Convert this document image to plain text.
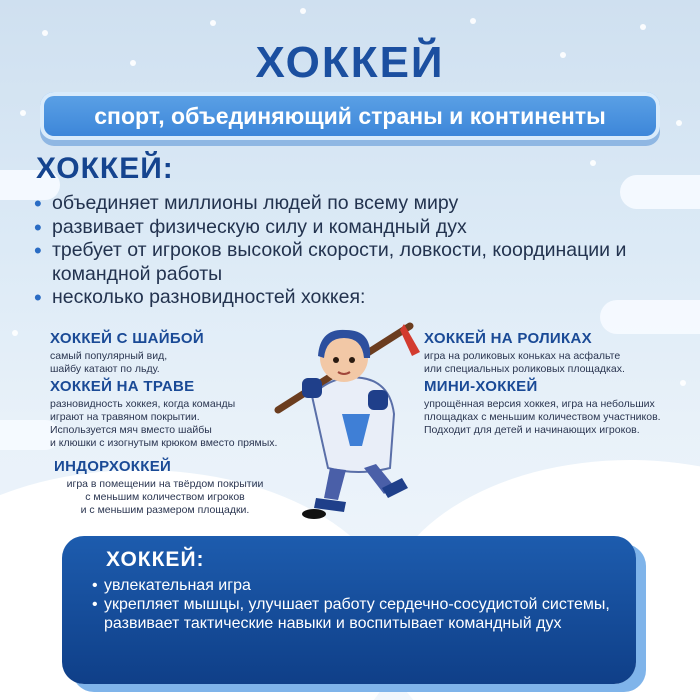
ХОККЕЙ
спорт, объединяющий страны и континенты
ХОККЕЙ:
• объединяет миллионы людей по всему миру
• развивает физическую силу и командный дух
• требует от игроков высокой скорости, ловкости, координации и командной работы
• несколько разновидностей хоккея:
ХОККЕЙ С ШАЙБОЙ
самый популярный вид,
шайбу катают по льду.
ХОККЕЙ НА ТРАВЕ
разновидность хоккея, когда команды
играют на травяном покрытии.
Используется мяч вместо шайбы
и клюшки с изогнутым крюком вместо прямых.
ИНДОРХОККЕЙ
игра в помещении на твёрдом покрытии
с меньшим количеством игроков
и с меньшим размером площадки.
ХОККЕЙ НА РОЛИКАХ
игра на роликовых коньках на асфальте
или специальных роликовых площадках.
МИНИ-ХОККЕЙ
упрощённая версия хоккея, игра на небольших
площадках с меньшим количеством участников.
Подходит для детей и начинающих игроков.
ХОККЕЙ:
• увлекательная игра
• укрепляет мышцы, улучшает работу сердечно-сосудистой системы, развивает тактические навыки и воспитывает командный дух
